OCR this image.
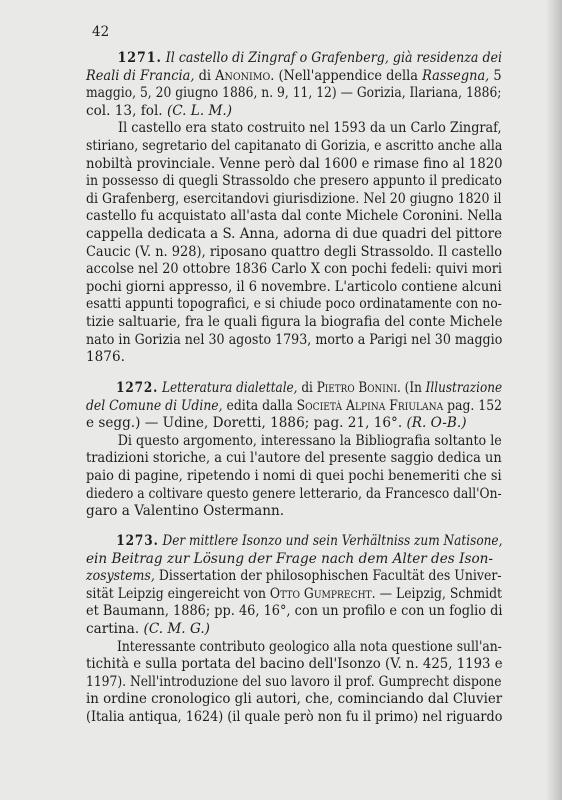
42
1271. Il castello di Zingraf o Grafenberg, già residenza dei
Reali di Francia, di Anonimo. (Nell'appendice della Rassegna, 5
maggio, 5, 20 giugno 1886, n. 9, 11, 12) — Gorizia, Ilariana, 1886;
col. 13, fol. (C. L. M.)
Il castello era stato costruito nel 1593 da un Carlo Zingraf,
stiriano, segretario del capitanato di Gorizia, e ascritto anche alla
nobiltà provinciale. Venne però dal 1600 e rimase fino al 1820
in possesso di quegli Strassoldo che presero appunto il predicato
di Grafenberg, esercitandovi giurisdizione. Nel 20 giugno 1820 il
castello fu acquistato all'asta dal conte Michele Coronini. Nella
cappella dedicata a S. Anna, adorna di due quadri del pittore
Caucic (V. n. 928), riposano quattro degli Strassoldo. Il castello
accolse nel 20 ottobre 1836 Carlo X con pochi fedeli: quivi mori
pochi giorni appresso, il 6 novembre. L'articolo contiene alcuni
esatti appunti topografici, e si chiude poco ordinatamente con no-
tizie saltuarie, fra le quali figura la biografia del conte Michele
nato in Gorizia nel 30 agosto 1793, morto a Parigi nel 30 maggio
1876.
1272. Letteratura dialettale, di Pietro Bonini. (In Illustrazione
del Comune di Udine, edita dalla Società Alpina Friulana pag. 152
e segg.) — Udine, Doretti, 1886; pag. 21, 16°. (R. O-B.)
Di questo argomento, interessano la Bibliografia soltanto le
tradizioni storiche, a cui l'autore del presente saggio dedica un
paio di pagine, ripetendo i nomi di quei pochi benemeriti che si
diedero a coltivare questo genere letterario, da Francesco dall'On-
garo a Valentino Ostermann.
1273. Der mittlere Isonzo und sein Verhältniss zum Natisone,
ein Beitrag zur Lösung der Frage nach dem Alter des Ison-
zosystems, Dissertation der philosophischen Facultät des Univer-
sität Leipzig eingereicht von Otto Gumprecht. — Leipzig, Schmidt
et Baumann, 1886; pp. 46, 16°, con un profilo e con un foglio di
cartina. (C. M. G.)
Interessante contributo geologico alla nota questione sull'an-
tichità e sulla portata del bacino dell'Isonzo (V. n. 425, 1193 e
1197). Nell'introduzione del suo lavoro il prof. Gumprecht dispone
in ordine cronologico gli autori, che, cominciando dal Cluvier
(Italia antiqua, 1624) (il quale però non fu il primo) nel riguardo
